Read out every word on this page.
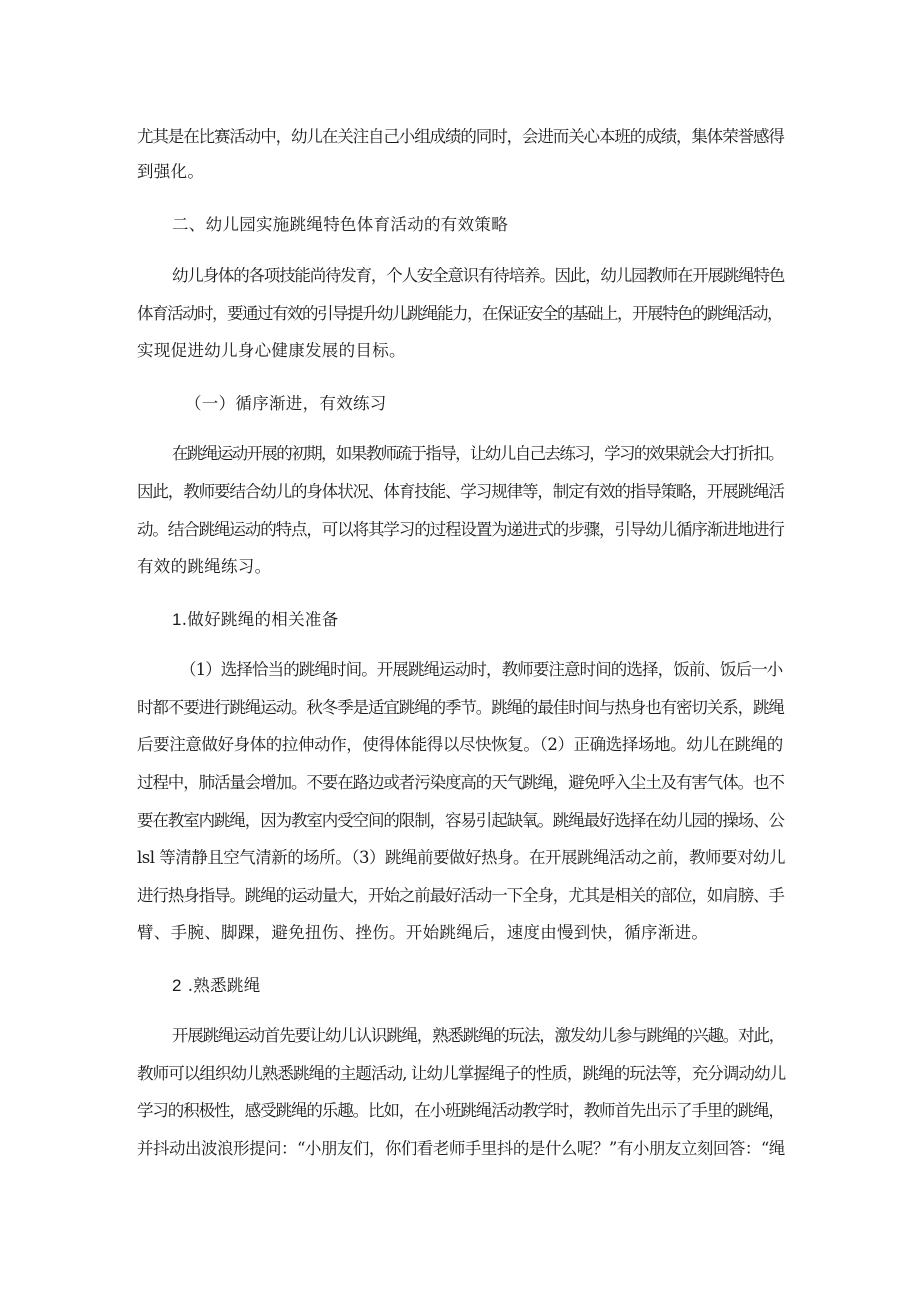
尤其是在比赛活动中，幼儿在关注自己小组成绩的同时，会进而关心本班的成绩，集体荣誉感得
到强化。
二、幼儿园实施跳绳特色体育活动的有效策略
幼儿身体的各项技能尚待发育，个人安全意识有待培养。因此，幼儿园教师在开展跳绳特色
体育活动时，要通过有效的引导提升幼儿跳绳能力，在保证安全的基础上，开展特色的跳绳活动，
实现促进幼儿身心健康发展的目标。
（一）循序渐进，有效练习
在跳绳运动开展的初期，如果教师疏于指导，让幼儿自己去练习，学习的效果就会大打折扣。
因此，教师要结合幼儿的身体状况、体育技能、学习规律等，制定有效的指导策略，开展跳绳活
动。结合跳绳运动的特点，可以将其学习的过程设置为递进式的步骤，引导幼儿循序渐进地进行
有效的跳绳练习。
1.做好跳绳的相关准备
（1）选择恰当的跳绳时间。开展跳绳运动时，教师要注意时间的选择，饭前、饭后一小
时都不要进行跳绳运动。秋冬季是适宜跳绳的季节。跳绳的最佳时间与热身也有密切关系，跳绳
后要注意做好身体的拉伸动作，使得体能得以尽快恢复。（2）正确选择场地。幼儿在跳绳的
过程中，肺活量会增加。不要在路边或者污染度高的天气跳绳，避免呼入尘土及有害气体。也不
要在教室内跳绳，因为教室内受空间的限制，容易引起缺氧。跳绳最好选择在幼儿园的操场、公
lsl 等清静且空气清新的场所。（3）跳绳前要做好热身。在开展跳绳活动之前，教师要对幼儿
进行热身指导。跳绳的运动量大，开始之前最好活动一下全身，尤其是相关的部位，如肩膀、手
臂、手腕、脚踝，避免扭伤、挫伤。开始跳绳后，速度由慢到快，循序渐进。
2 .熟悉跳绳
开展跳绳运动首先要让幼儿认识跳绳，熟悉跳绳的玩法，激发幼儿参与跳绳的兴趣。对此，
教师可以组织幼儿熟悉跳绳的主题活动, 让幼儿掌握绳子的性质，跳绳的玩法等，充分调动幼儿
学习的积极性，感受跳绳的乐趣。比如，在小班跳绳活动教学时，教师首先出示了手里的跳绳，
并抖动出波浪形提问：“小朋友们，你们看老师手里抖的是什么呢？”有小朋友立刻回答：“绳
